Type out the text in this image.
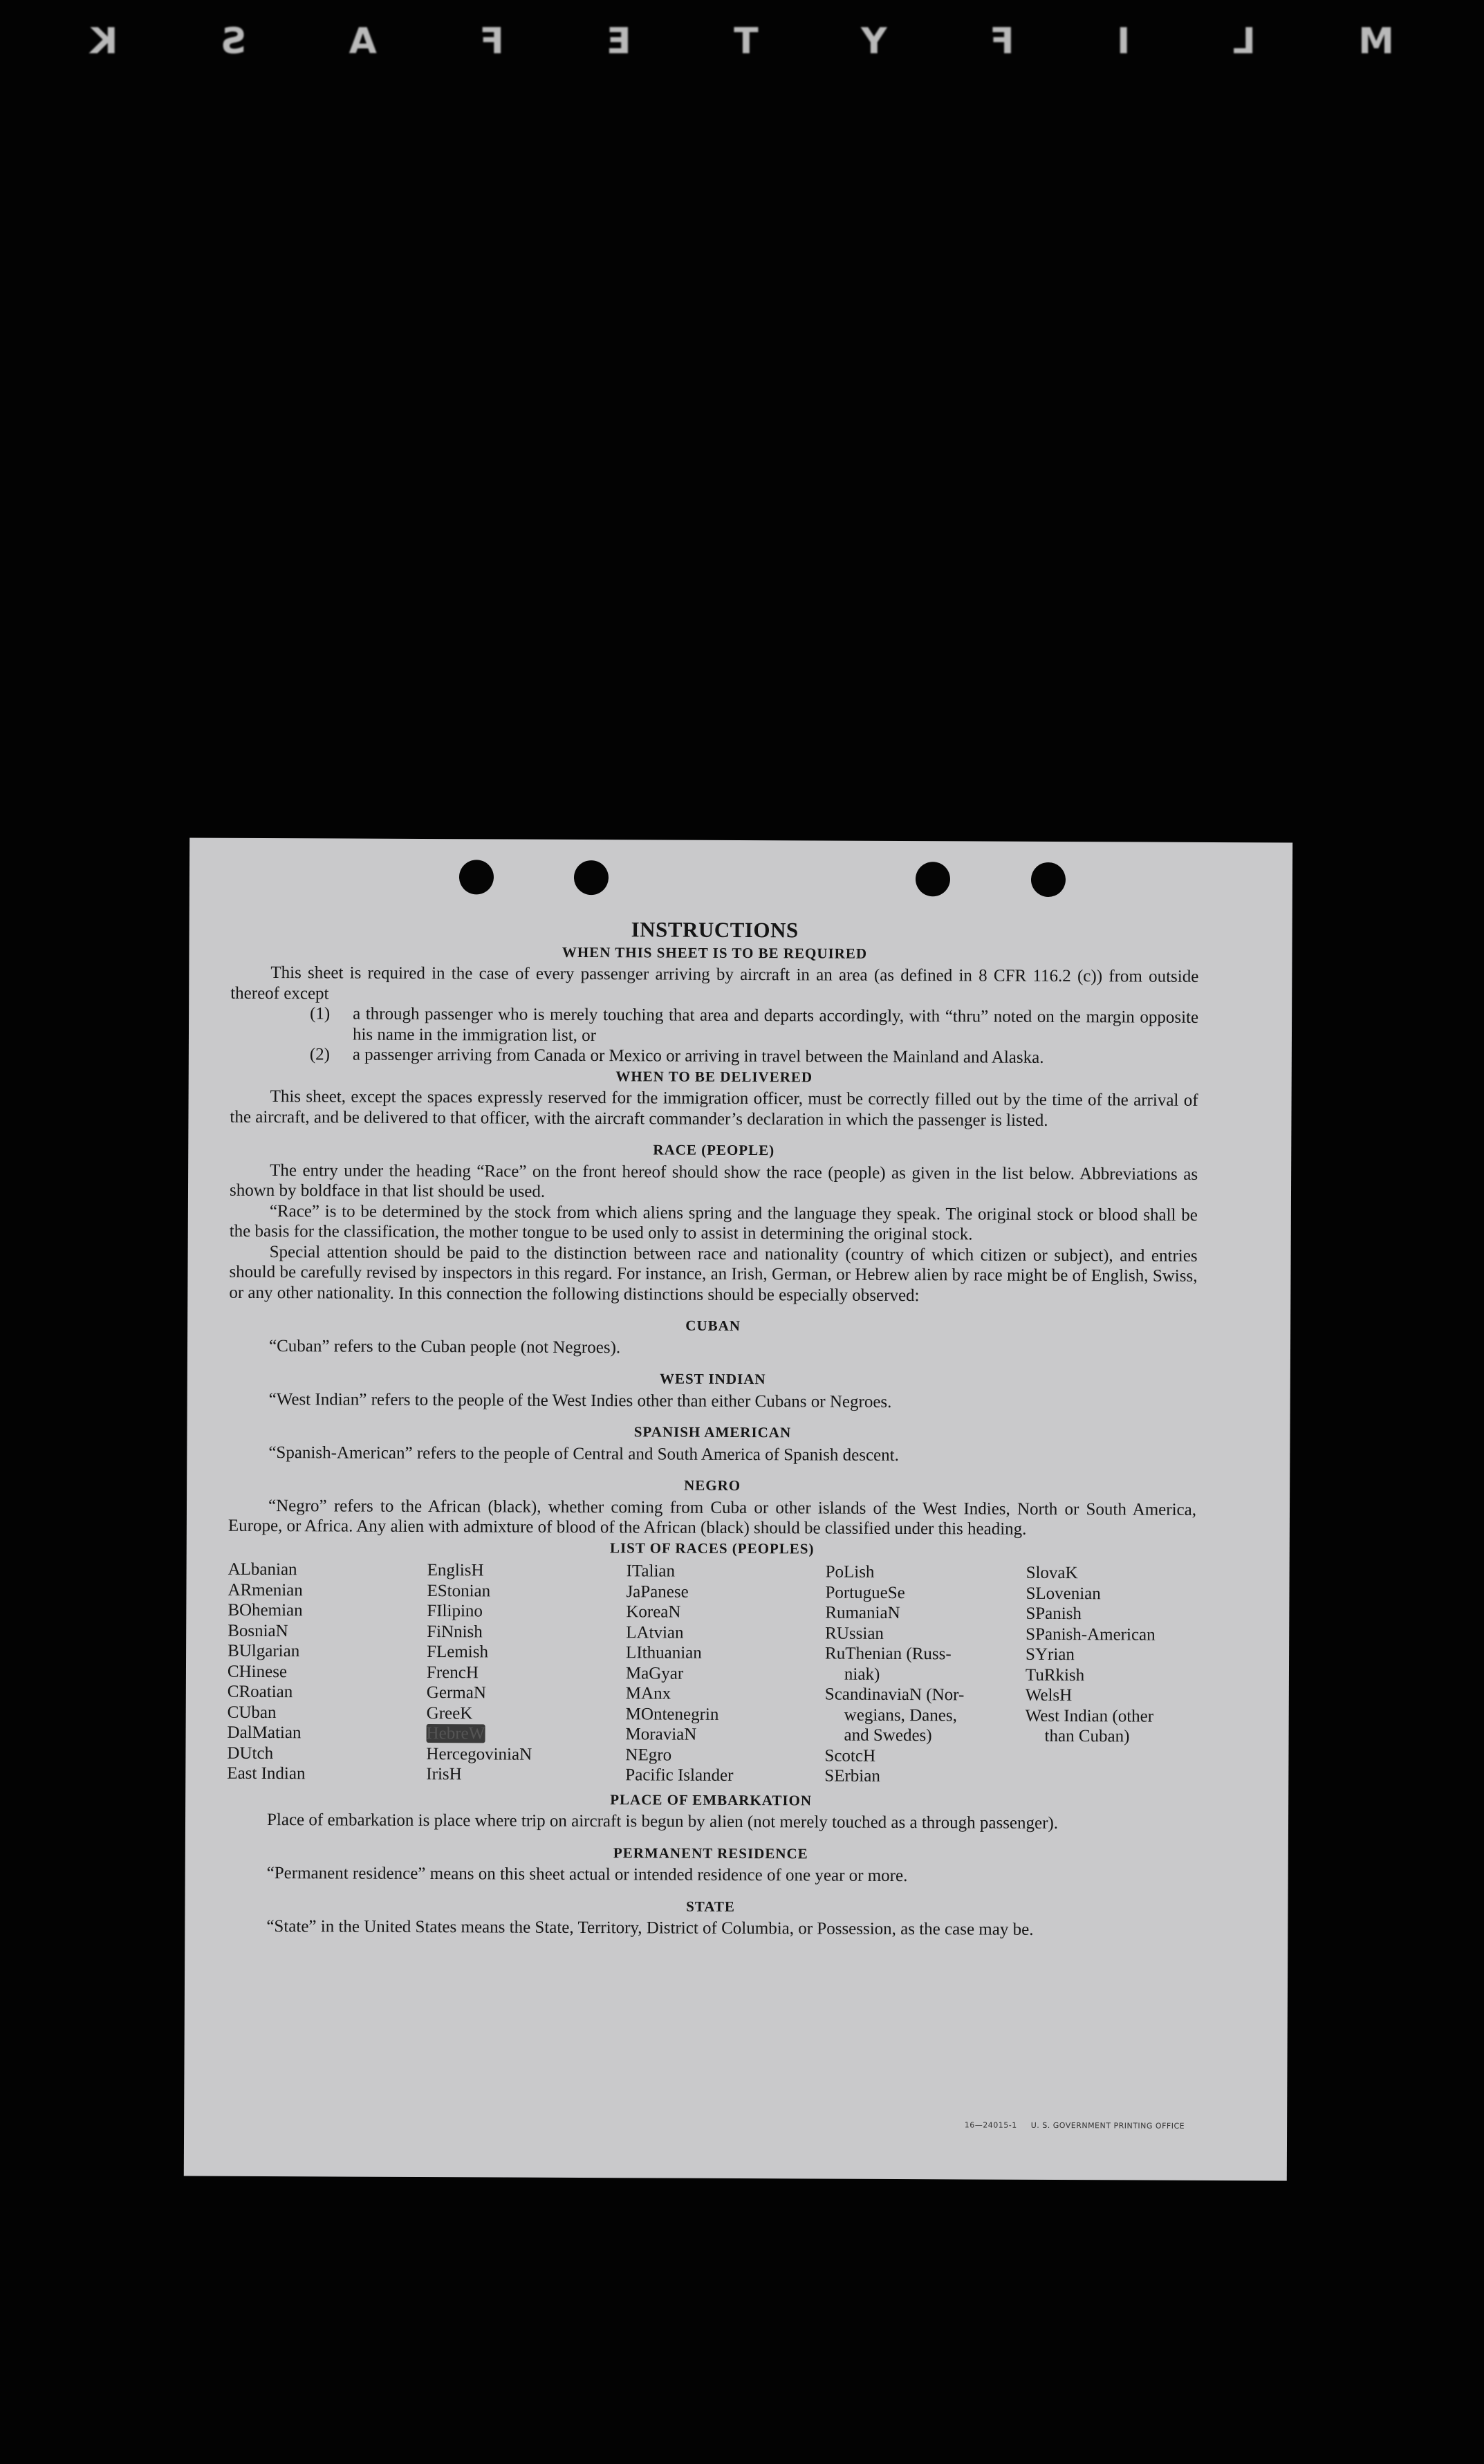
M
L
I
F
Y
T
E
F
A
S
K
INSTRUCTIONS
WHEN THIS SHEET IS TO BE REQUIRED

This sheet is required in the case of every passenger arriving by aircraft in an area (as defined in 8 CFR 116.2 (c)) from outside thereof except

(1)	a through passenger who is merely touching that area and departs accordingly, with “thru” noted on the margin opposite his name in the immigration list, or
(2)	a passenger arriving from Canada or Mexico or arriving in travel between the Mainland and Alaska.
WHEN TO BE DELIVERED

This sheet, except the spaces expressly reserved for the immigration officer, must be correctly filled out by the time of the arrival of the aircraft, and be delivered to that officer, with the aircraft commander’s declaration in which the passenger is listed.

RACE (PEOPLE)

The entry under the heading “Race” on the front hereof should show the race (people) as given in the list below. Abbreviations as shown by boldface in that list should be used.

“Race” is to be determined by the stock from which aliens spring and the language they speak. The original stock or blood shall be the basis for the classification, the mother tongue to be used only to assist in determining the original stock.

Special attention should be paid to the distinction between race and nationality (country of which citizen or subject), and entries should be carefully revised by inspectors in this regard. For instance, an Irish, German, or Hebrew alien by race might be of English, Swiss, or any other nationality. In this connection the following distinctions should be especially observed:

CUBAN

“Cuban” refers to the Cuban people (not Negroes).

WEST INDIAN

“West Indian” refers to the people of the West Indies other than either Cubans or Negroes.

SPANISH AMERICAN

“Spanish-American” refers to the people of Central and South America of Spanish descent.

NEGRO

“Negro” refers to the African (black), whether coming from Cuba or other islands of the West Indies, North or South America, Europe, or Africa. Any alien with admixture of blood of the African (black) should be classified under this heading.

LIST OF RACES (PEOPLES)
ALbanian
ARmenian
BOhemian
BosniaN
BUlgarian
CHinese
CRoatian
CUban
DalMatian
DUtch
East Indian
EnglisH
EStonian
FIlipino
FiNnish
FLemish
FrencH
GermaN
GreeK
HebreW
HercegoviniaN
IrisH
ITalian
JaPanese
KoreaN
LAtvian
LIthuanian
MaGyar
MAnx
MOntenegrin
MoraviaN
NEgro
Pacific Islander
PoLish
PortugueSe
RumaniaN
RUssian
RuThenian (Russ-
niak)
ScandinaviaN (Nor-
wegians, Danes,
and Swedes)
ScotcH
SErbian
SlovaK
SLovenian
SPanish
SPanish-American
SYrian
TuRkish
WelsH
West Indian (other
than Cuban)
PLACE OF EMBARKATION

Place of embarkation is place where trip on aircraft is begun by alien (not merely touched as a through passenger).

PERMANENT RESIDENCE

“Permanent residence” means on this sheet actual or intended residence of one year or more.

STATE

“State” in the United States means the State, Territory, District of Columbia, or Possession, as the case may be.

16—24015-1 U. S. GOVERNMENT PRINTING OFFICE
